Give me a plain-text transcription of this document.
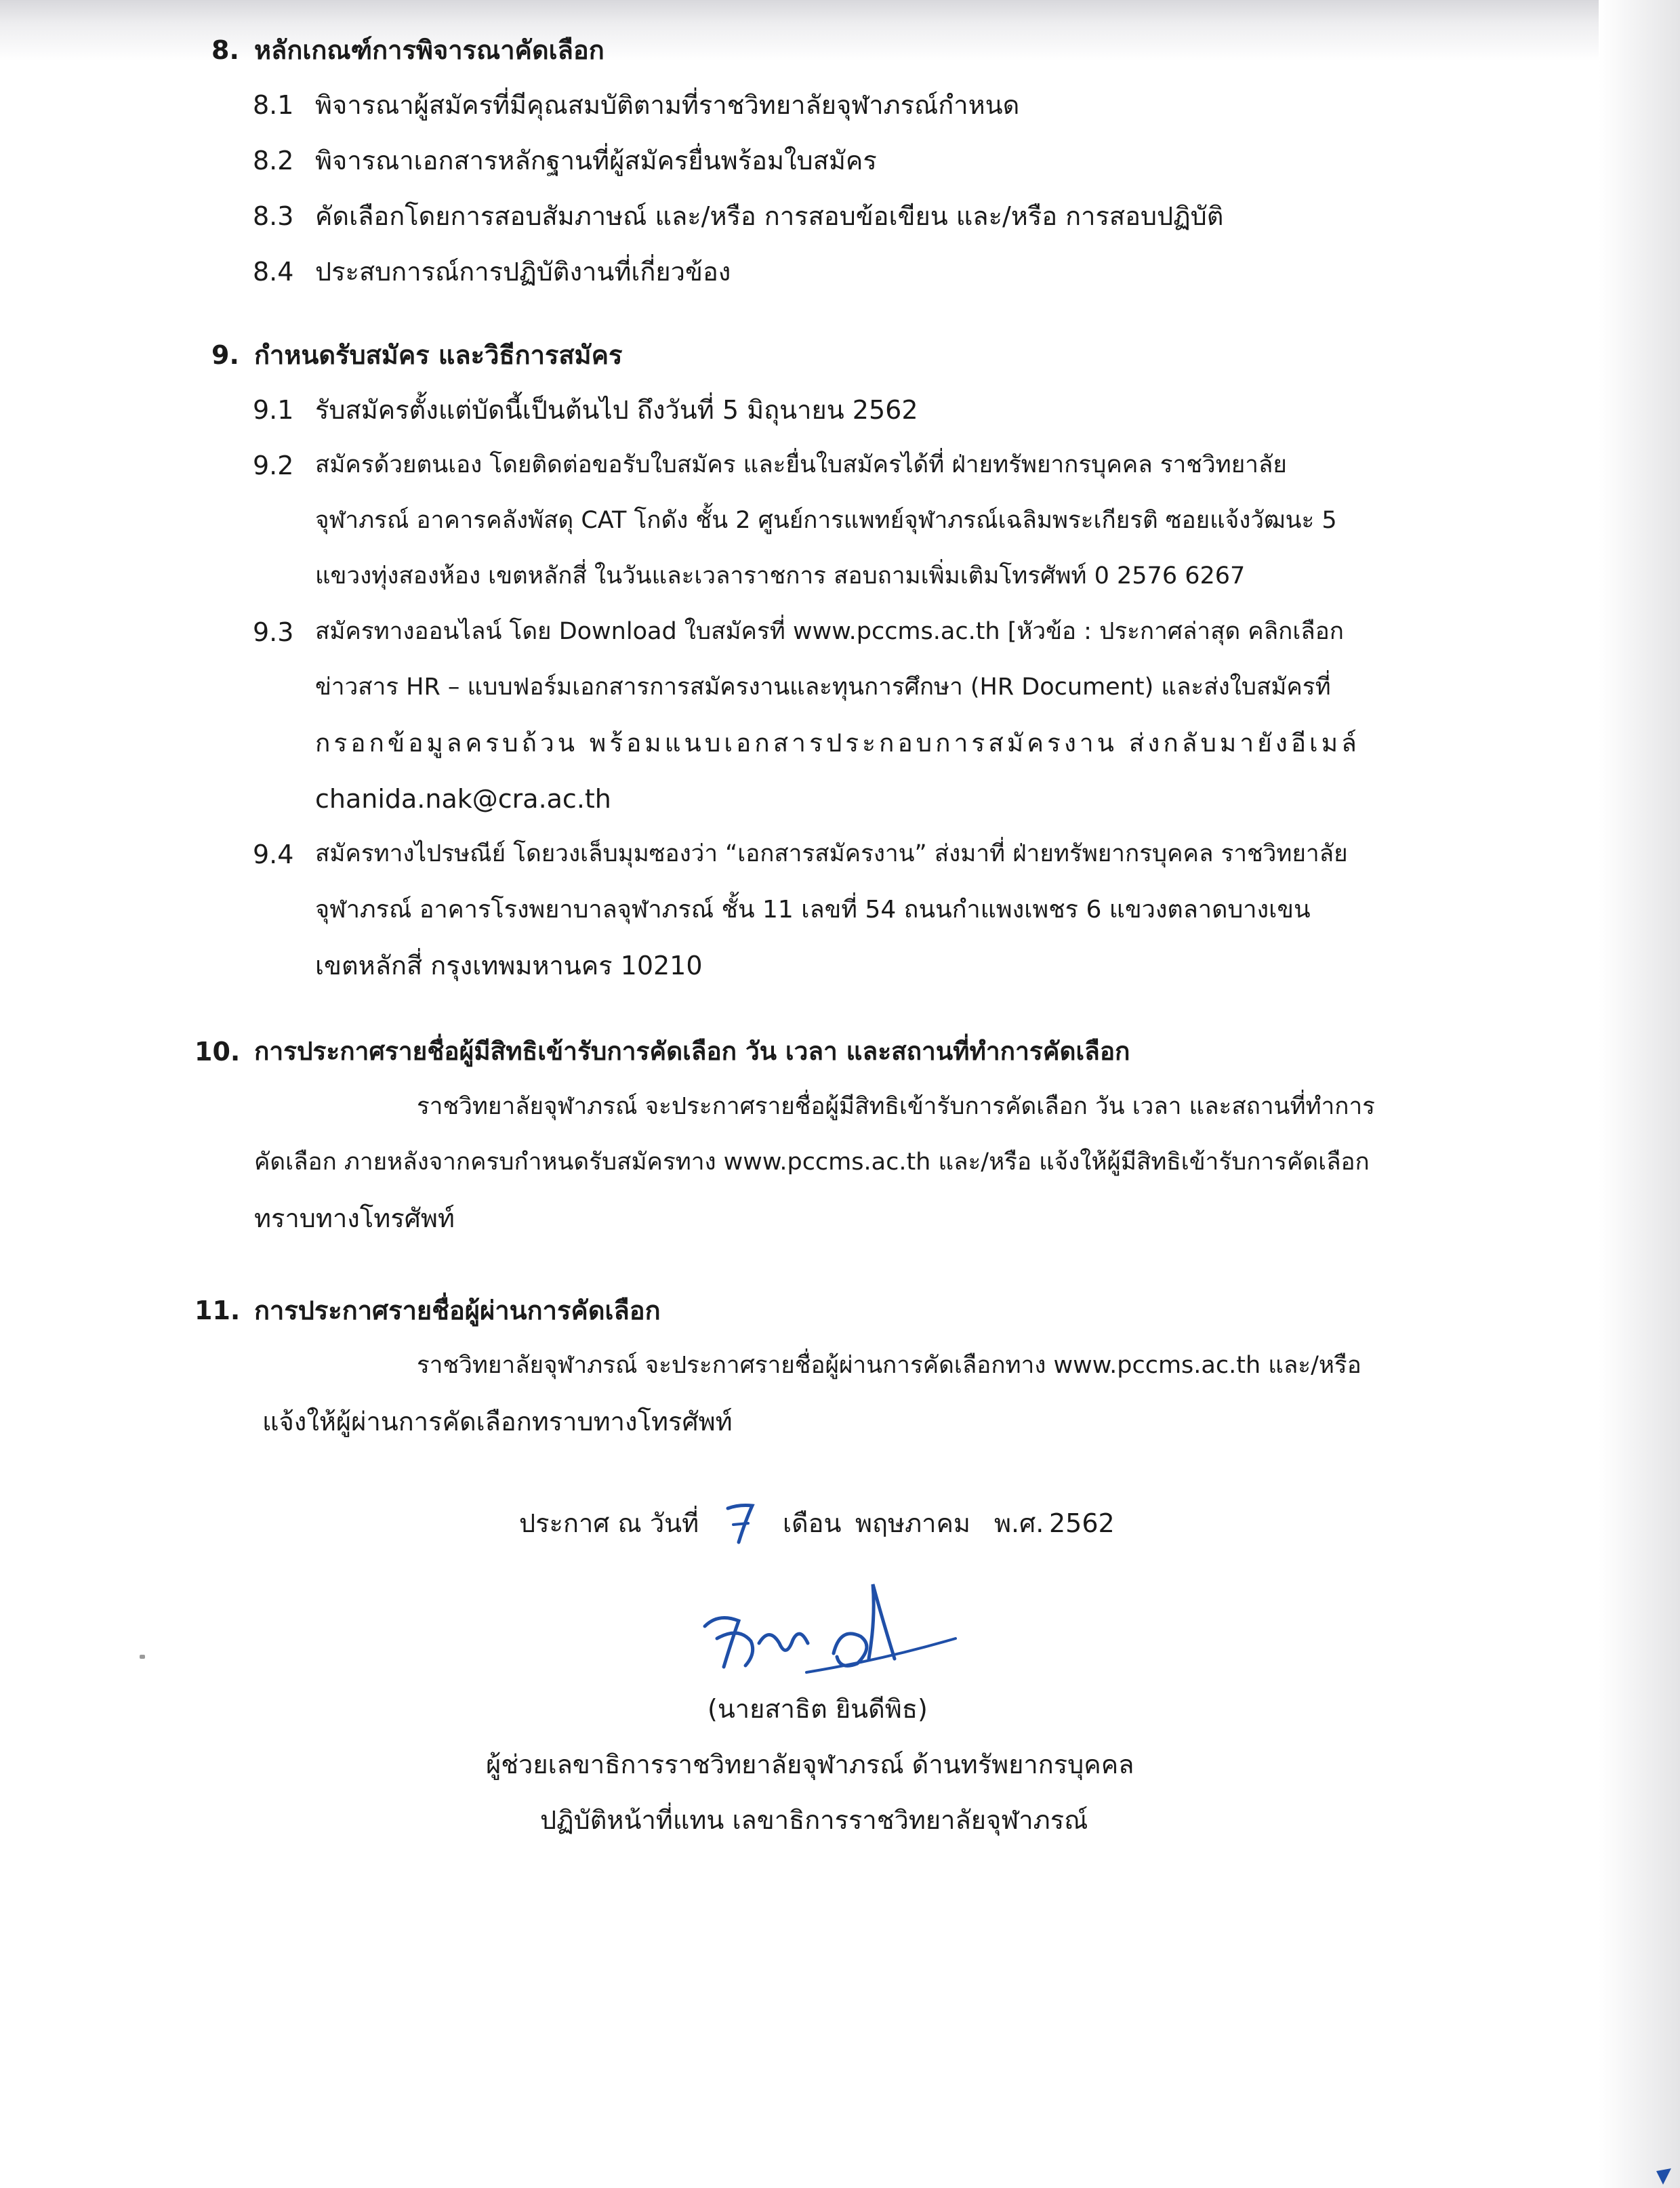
8. หลักเกณฑ์การพิจารณาคัดเลือก
8.1 พิจารณาผู้สมัครที่มีคุณสมบัติตามที่ราชวิทยาลัยจุฬาภรณ์กำหนด
8.2 พิจารณาเอกสารหลักฐานที่ผู้สมัครยื่นพร้อมใบสมัคร
8.3 คัดเลือกโดยการสอบสัมภาษณ์ และ/หรือ การสอบข้อเขียน และ/หรือ การสอบปฏิบัติ
8.4 ประสบการณ์การปฏิบัติงานที่เกี่ยวข้อง
9. กำหนดรับสมัคร และวิธีการสมัคร
9.1 รับสมัครตั้งแต่บัดนี้เป็นต้นไป ถึงวันที่ 5 มิถุนายน 2562
9.2 สมัครด้วยตนเอง โดยติดต่อขอรับใบสมัคร และยื่นใบสมัครได้ที่ ฝ่ายทรัพยากรบุคคล ราชวิทยาลัย
จุฬาภรณ์ อาคารคลังพัสดุ CAT โกดัง ชั้น 2 ศูนย์การแพทย์จุฬาภรณ์เฉลิมพระเกียรติ ซอยแจ้งวัฒนะ 5
แขวงทุ่งสองห้อง เขตหลักสี่ ในวันและเวลาราชการ สอบถามเพิ่มเติมโทรศัพท์ 0 2576 6267
9.3 สมัครทางออนไลน์ โดย Download ใบสมัครที่ www.pccms.ac.th [หัวข้อ : ประกาศล่าสุด คลิกเลือก
ข่าวสาร HR – แบบฟอร์มเอกสารการสมัครงานและทุนการศึกษา (HR Document) และส่งใบสมัครที่
กรอกข้อมูลครบถ้วน พร้อมแนบเอกสารประกอบการสมัครงาน ส่งกลับมายังอีเมล์
chanida.nak@cra.ac.th
9.4 สมัครทางไปรษณีย์ โดยวงเล็บมุมซองว่า “เอกสารสมัครงาน” ส่งมาที่ ฝ่ายทรัพยากรบุคคล ราชวิทยาลัย
จุฬาภรณ์ อาคารโรงพยาบาลจุฬาภรณ์ ชั้น 11 เลขที่ 54 ถนนกำแพงเพชร 6 แขวงตลาดบางเขน
เขตหลักสี่ กรุงเทพมหานคร 10210
10. การประกาศรายชื่อผู้มีสิทธิเข้ารับการคัดเลือก วัน เวลา และสถานที่ทำการคัดเลือก
ราชวิทยาลัยจุฬาภรณ์ จะประกาศรายชื่อผู้มีสิทธิเข้ารับการคัดเลือก วัน เวลา และสถานที่ทำการ
คัดเลือก ภายหลังจากครบกำหนดรับสมัครทาง www.pccms.ac.th และ/หรือ แจ้งให้ผู้มีสิทธิเข้ารับการคัดเลือก
ทราบทางโทรศัพท์
11. การประกาศรายชื่อผู้ผ่านการคัดเลือก
ราชวิทยาลัยจุฬาภรณ์ จะประกาศรายชื่อผู้ผ่านการคัดเลือกทาง www.pccms.ac.th และ/หรือ
แจ้งให้ผู้ผ่านการคัดเลือกทราบทางโทรศัพท์
ประกาศ ณ วันที่	เดือน พฤษภาคม พ.ศ. 2562
(นายสาธิต ยินดีพิธ)
ผู้ช่วยเลขาธิการราชวิทยาลัยจุฬาภรณ์ ด้านทรัพยากรบุคคล
ปฏิบัติหน้าที่แทน เลขาธิการราชวิทยาลัยจุฬาภรณ์
